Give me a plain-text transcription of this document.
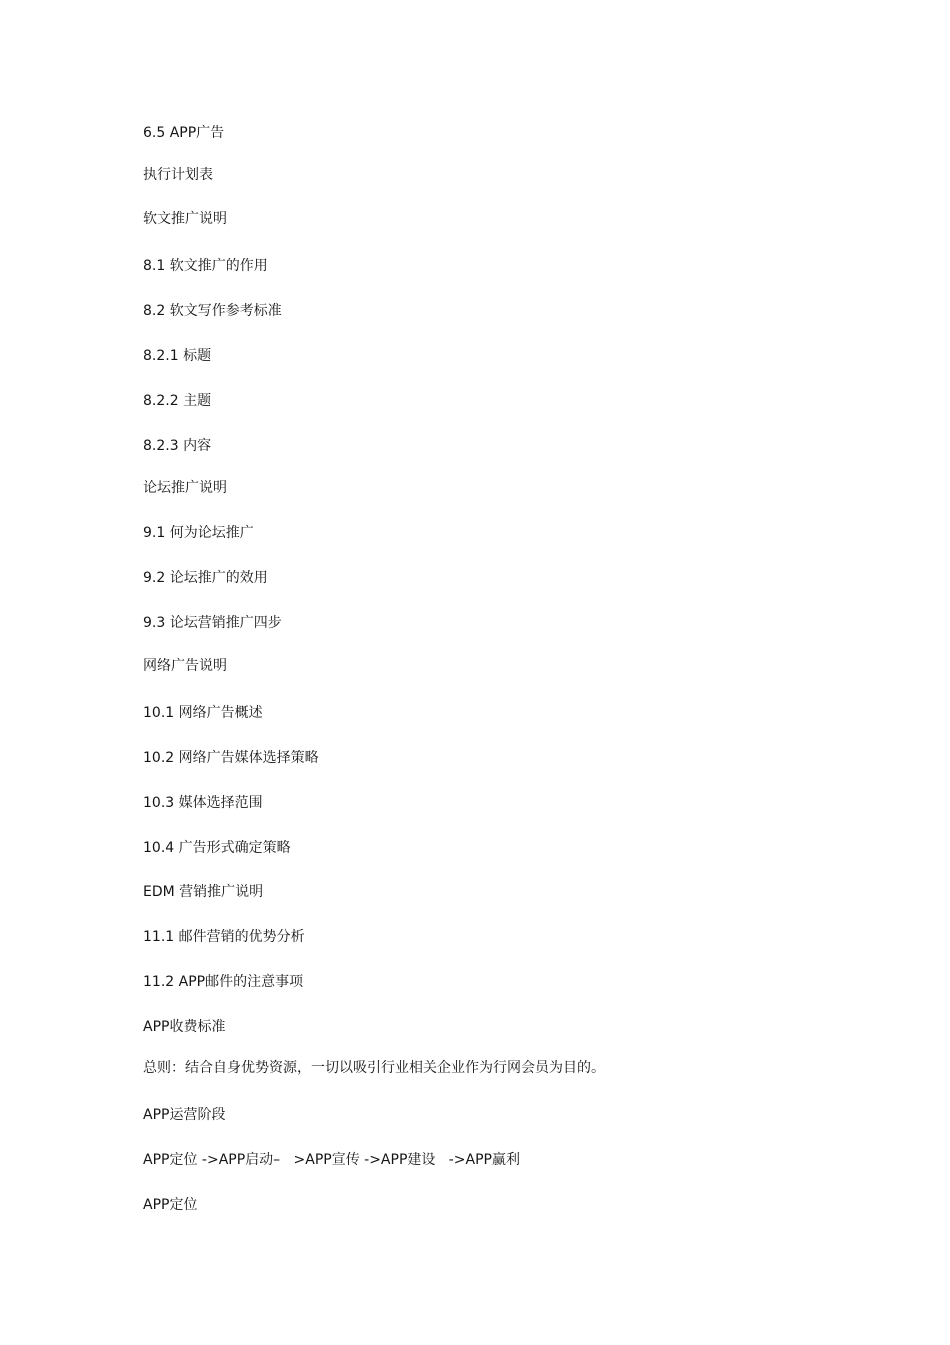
6.5 APP广告
执行计划表
软文推广说明
8.1 软文推广的作用
8.2 软文写作参考标准
8.2.1 标题
8.2.2 主题
8.2.3 内容
论坛推广说明
9.1 何为论坛推广
9.2 论坛推广的效用
9.3 论坛营销推广四步
网络广告说明
10.1 网络广告概述
10.2 网络广告媒体选择策略
10.3 媒体选择范围
10.4 广告形式确定策略
EDM 营销推广说明
11.1 邮件营销的优势分析
11.2 APP邮件的注意事项
APP收费标准
总则：结合自身优势资源，一切以吸引行业相关企业作为行网会员为目的。
APP运营阶段
APP定位 ->APP启动–   >APP宣传 ->APP建设   ->APP赢利
APP定位
